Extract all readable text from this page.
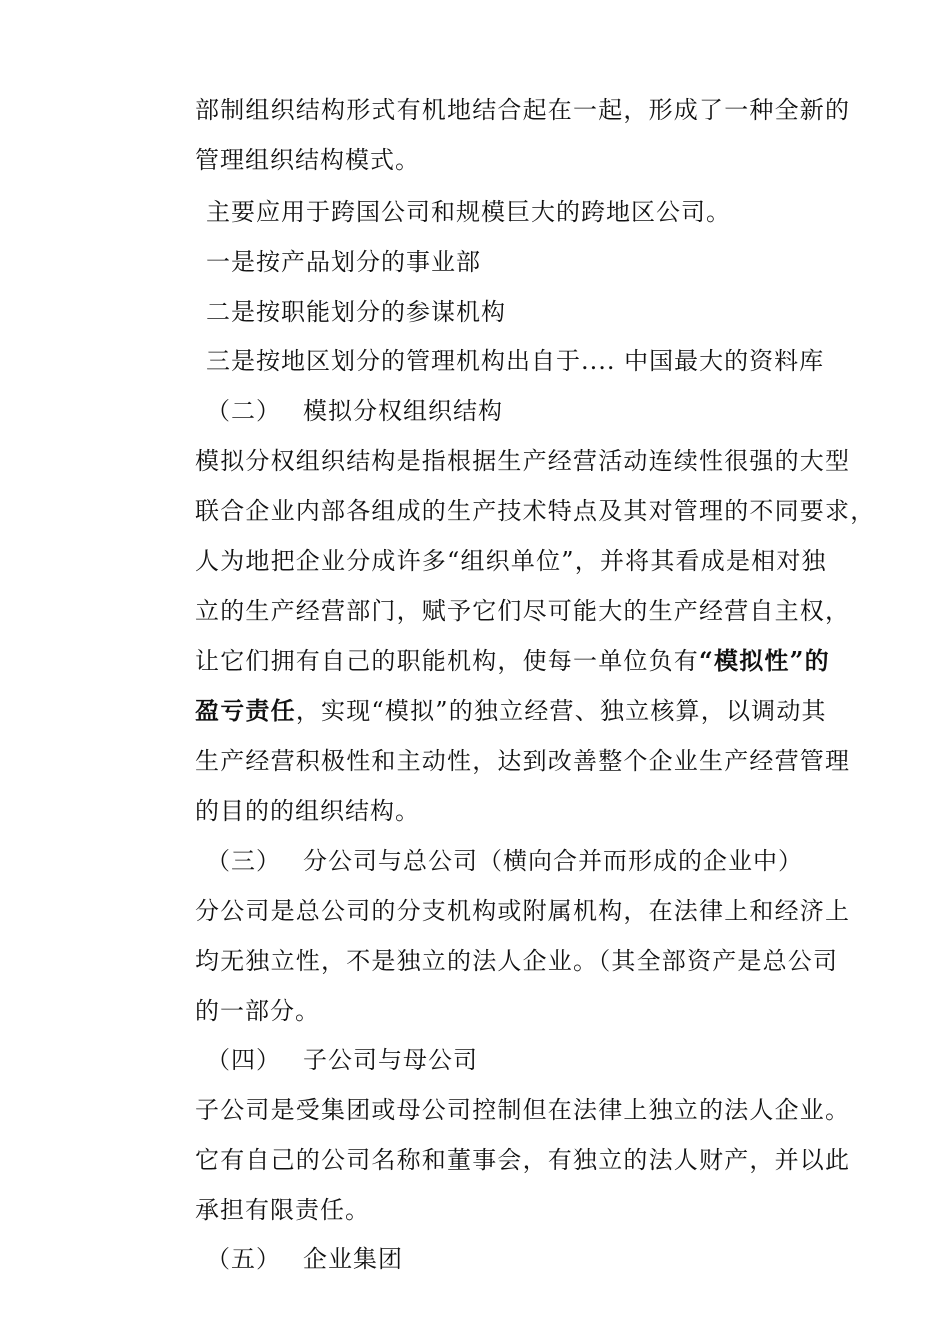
部制组织结构形式有机地结合起在一起，形成了一种全新的
管理组织结构模式。
主要应用于跨国公司和规模巨大的跨地区公司。
一是按产品划分的事业部
二是按职能划分的参谋机构
三是按地区划分的管理机构出自于.... 中国最大的资料库
（二） 模拟分权组织结构
模拟分权组织结构是指根据生产经营活动连续性很强的大型
联合企业内部各组成的生产技术特点及其对管理的不同要求，
人为地把企业分成许多“组织单位”，并将其看成是相对独
立的生产经营部门，赋予它们尽可能大的生产经营自主权，
让它们拥有自己的职能机构，使每一单位负有“模拟性”的
盈亏责任，实现“模拟”的独立经营、独立核算，以调动其
生产经营积极性和主动性，达到改善整个企业生产经营管理
的目的的组织结构。
（三） 分公司与总公司（横向合并而形成的企业中）
分公司是总公司的分支机构或附属机构，在法律上和经济上
均无独立性，不是独立的法人企业。（其全部资产是总公司
的一部分。
（四） 子公司与母公司
子公司是受集团或母公司控制但在法律上独立的法人企业。
它有自己的公司名称和董事会，有独立的法人财产，并以此
承担有限责任。
（五） 企业集团
